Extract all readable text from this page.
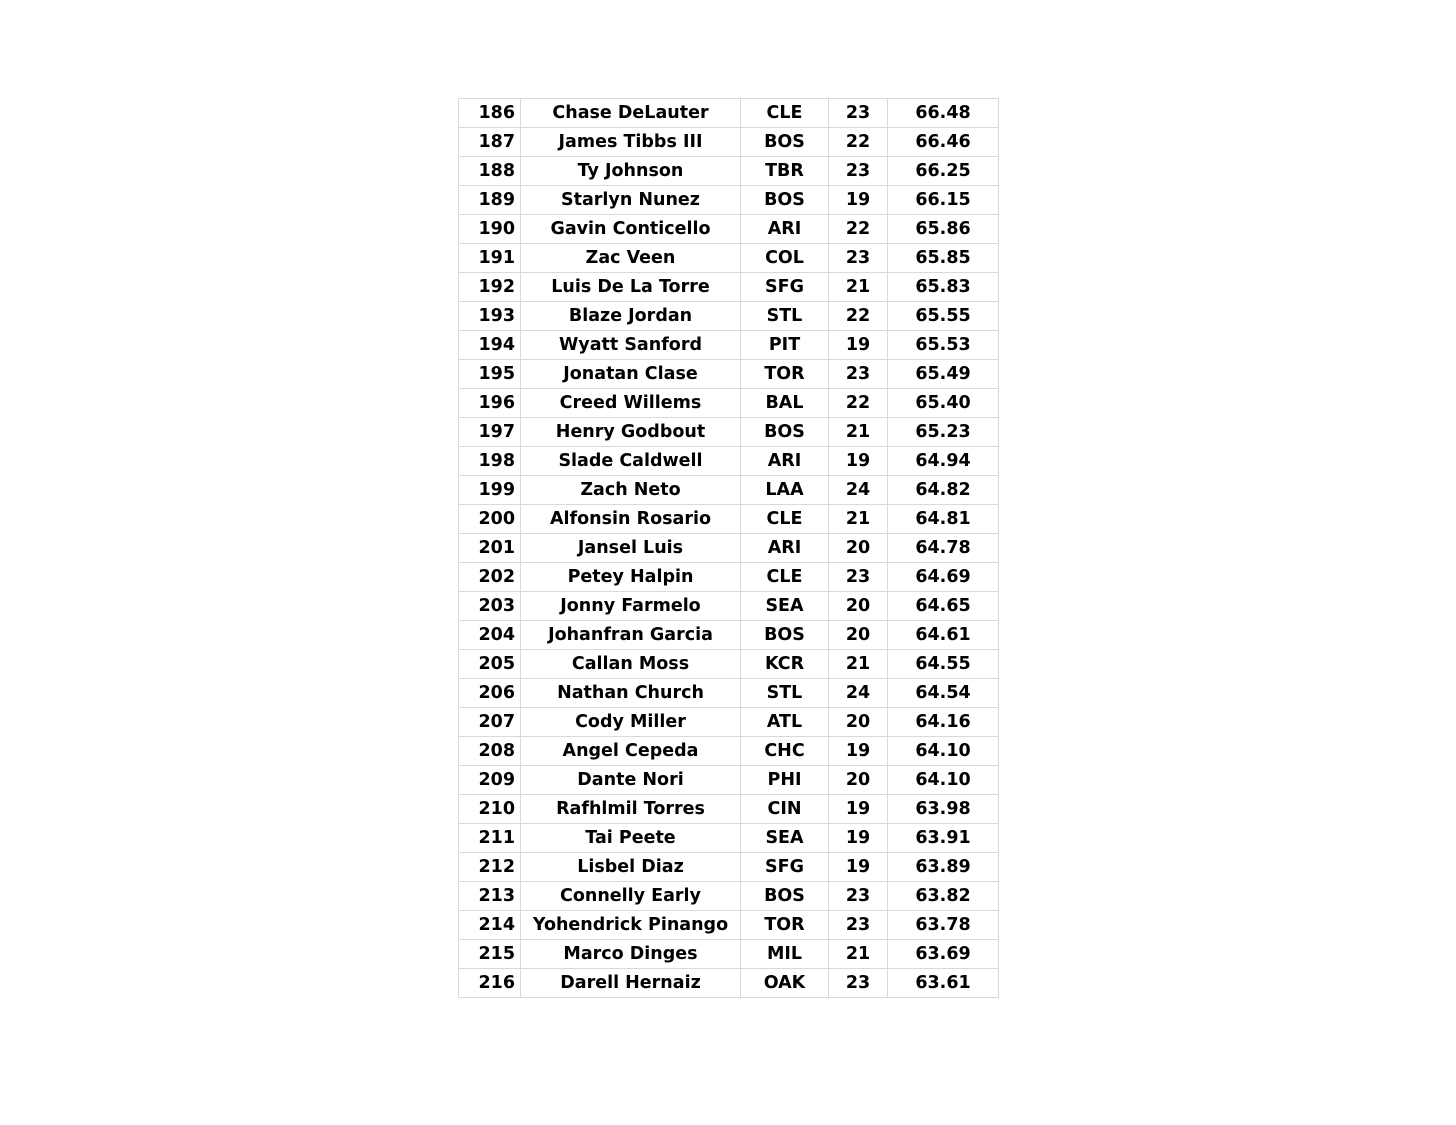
186	Chase DeLauter	CLE	23	66.48
187	James Tibbs III	BOS	22	66.46
188	Ty Johnson	TBR	23	66.25
189	Starlyn Nunez	BOS	19	66.15
190	Gavin Conticello	ARI	22	65.86
191	Zac Veen	COL	23	65.85
192	Luis De La Torre	SFG	21	65.83
193	Blaze Jordan	STL	22	65.55
194	Wyatt Sanford	PIT	19	65.53
195	Jonatan Clase	TOR	23	65.49
196	Creed Willems	BAL	22	65.40
197	Henry Godbout	BOS	21	65.23
198	Slade Caldwell	ARI	19	64.94
199	Zach Neto	LAA	24	64.82
200	Alfonsin Rosario	CLE	21	64.81
201	Jansel Luis	ARI	20	64.78
202	Petey Halpin	CLE	23	64.69
203	Jonny Farmelo	SEA	20	64.65
204	Johanfran Garcia	BOS	20	64.61
205	Callan Moss	KCR	21	64.55
206	Nathan Church	STL	24	64.54
207	Cody Miller	ATL	20	64.16
208	Angel Cepeda	CHC	19	64.10
209	Dante Nori	PHI	20	64.10
210	Rafhlmil Torres	CIN	19	63.98
211	Tai Peete	SEA	19	63.91
212	Lisbel Diaz	SFG	19	63.89
213	Connelly Early	BOS	23	63.82
214	Yohendrick Pinango	TOR	23	63.78
215	Marco Dinges	MIL	21	63.69
216	Darell Hernaiz	OAK	23	63.61
